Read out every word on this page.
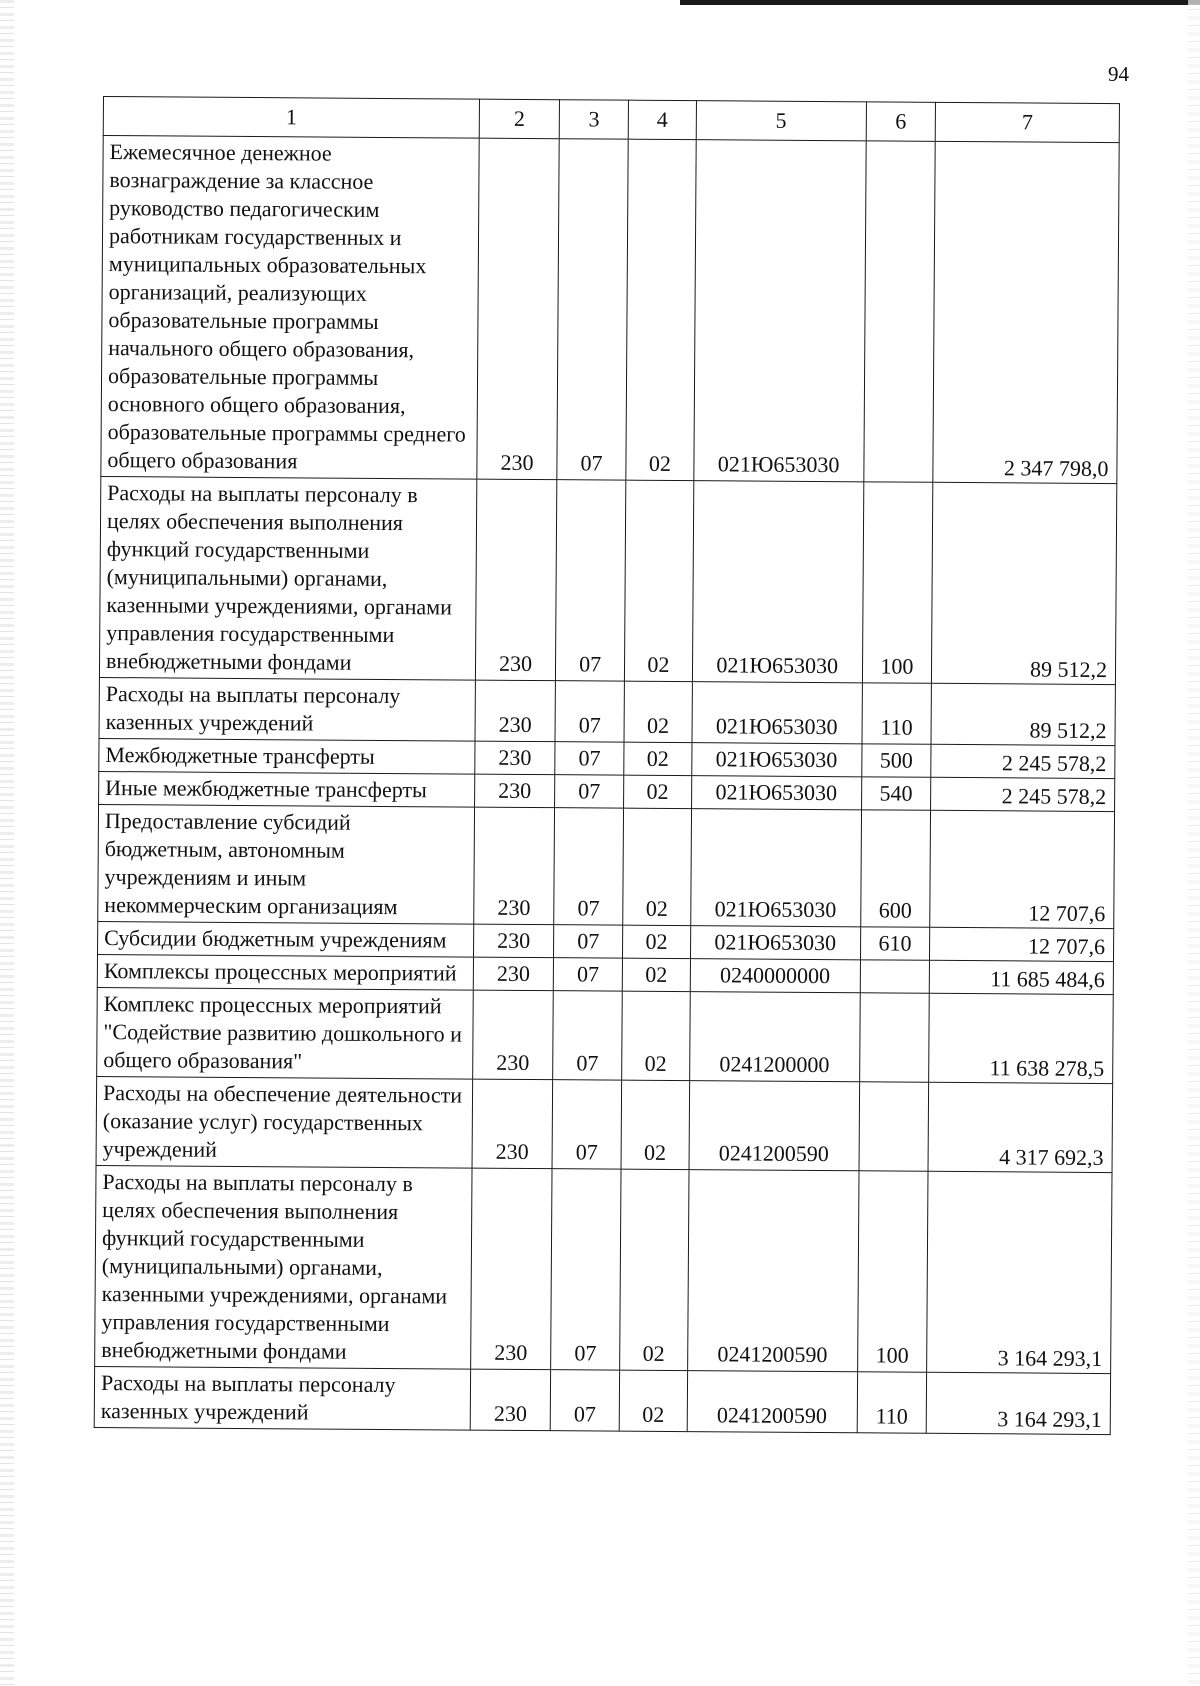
94
1	2	3	4	5	6	7
Ежемесячное денежное вознаграждение за классное руководство педагогическим работникам государственных и муниципальных образовательных организаций, реализующих образовательные программы начального общего образования, образовательные программы основного общего образования, образовательные программы среднего общего образования	230	07	02	021Ю653030		2 347 798,0
Расходы на выплаты персоналу в целях обеспечения выполнения функций государственными (муниципальными) органами, казенными учреждениями, органами управления государственными внебюджетными фондами	230	07	02	021Ю653030	100	89 512,2
Расходы на выплаты персоналу казенных учреждений	230	07	02	021Ю653030	110	89 512,2
Межбюджетные трансферты	230	07	02	021Ю653030	500	2 245 578,2
Иные межбюджетные трансферты	230	07	02	021Ю653030	540	2 245 578,2
Предоставление субсидий бюджетным, автономным учреждениям и иным некоммерческим организациям	230	07	02	021Ю653030	600	12 707,6
Субсидии бюджетным учреждениям	230	07	02	021Ю653030	610	12 707,6
Комплексы процессных мероприятий	230	07	02	0240000000		11 685 484,6
Комплекс процессных мероприятий "Содействие развитию дошкольного и общего образования"	230	07	02	0241200000		11 638 278,5
Расходы на обеспечение деятельности (оказание услуг) государственных учреждений	230	07	02	0241200590		4 317 692,3
Расходы на выплаты персоналу в целях обеспечения выполнения функций государственными (муниципальными) органами, казенными учреждениями, органами управления государственными внебюджетными фондами	230	07	02	0241200590	100	3 164 293,1
Расходы на выплаты персоналу казенных учреждений	230	07	02	0241200590	110	3 164 293,1
